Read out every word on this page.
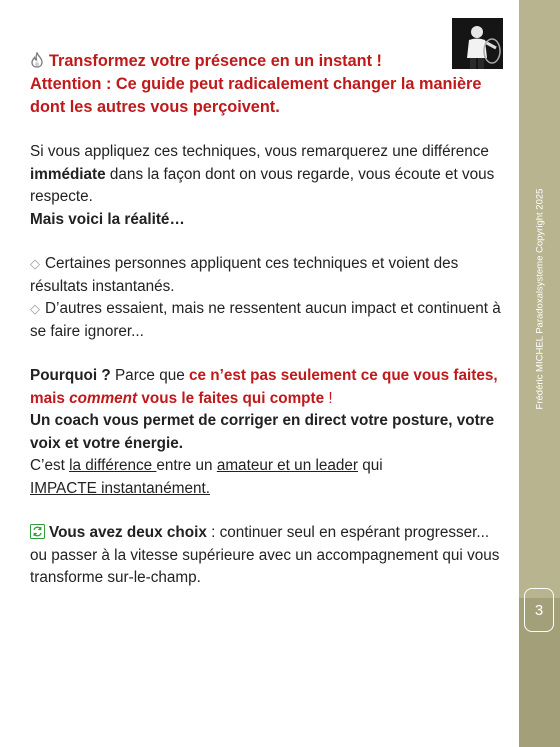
Transformez votre présence en un instant !
Attention : Ce guide peut radicalement changer la manière dont les autres vous perçoivent.

Si vous appliquez ces techniques, vous remarquerez une différence immédiate dans la façon dont on vous regarde, vous écoute et vous respecte.
Mais voici la réalité…

◇ Certaines personnes appliquent ces techniques et voient des résultats instantanés.

◇ D’autres essaient, mais ne ressentent aucun impact et continuent à se faire ignorer...

Pourquoi ? Parce que ce n’est pas seulement ce que vous faites, mais comment vous le faites qui compte !
Un coach vous permet de corriger en direct votre posture, votre voix et votre énergie.
C’est la différence entre un amateur et un leader qui
IMPACTE instantanément.

Vous avez deux choix : continuer seul en espérant progresser... ou passer à la vitesse supérieure avec un accompagnement qui vous transforme sur-le-champ.

Frédéric MICHEL Paradoxalsysteme Copyright 2025
3
